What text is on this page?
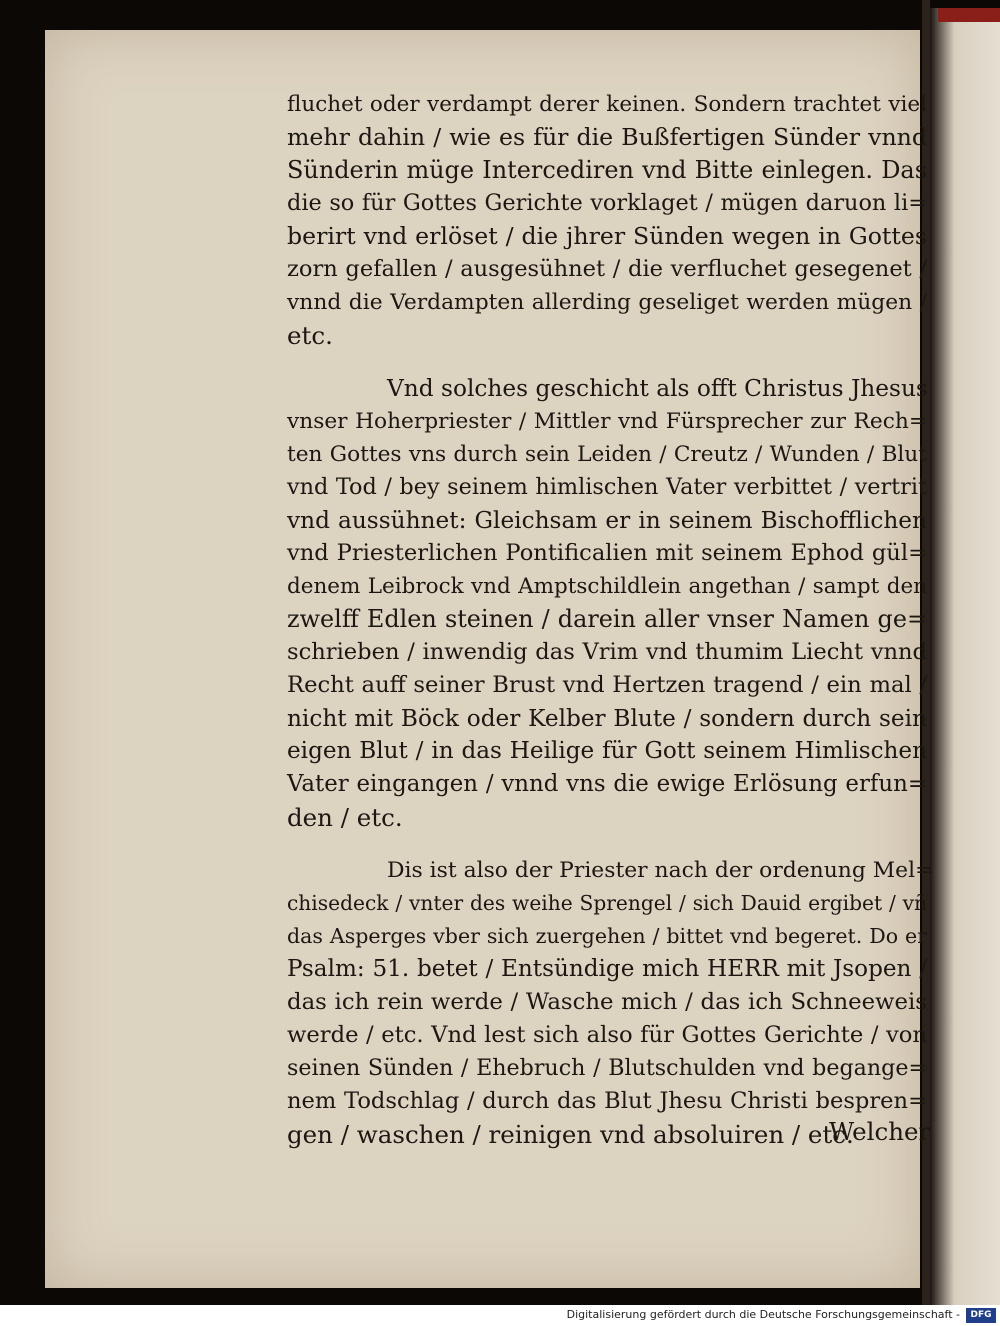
fluchet oder verdampt derer keinen. Sondern trachtet viel
mehr dahin / wie es für die Bußfertigen Sünder vnnd
Sünderin müge Intercediren vnd Bitte einlegen. Das
die so für Gottes Gerichte vorklaget / mügen daruon li=
berirt vnd erlöset / die jhrer Sünden wegen in Gottes
zorn gefallen / ausgesühnet / die verfluchet gesegenet /
vnnd die Verdampten allerding geseliget werden mügen /
etc.
Vnd solches geschicht als offt Christus Jhesus
vnser Hoherpriester / Mittler vnd Fürsprecher zur Rech=
ten Gottes vns durch sein Leiden / Creutz / Wunden / Blut
vnd Tod / bey seinem himlischen Vater verbittet / vertrit
vnd aussühnet: Gleichsam er in seinem Bischofflichen
vnd Priesterlichen Pontificalien mit seinem Ephod gül=
denem Leibrock vnd Amptschildlein angethan / sampt den
zwelff Edlen steinen / darein aller vnser Namen ge=
schrieben / inwendig das Vrim vnd thumim Liecht vnnd
Recht auff seiner Brust vnd Hertzen tragend / ein mal /
nicht mit Böck oder Kelber Blute / sondern durch sein
eigen Blut / in das Heilige für Gott seinem Himlischen
Vater eingangen / vnnd vns die ewige Erlösung erfun=
den / etc.
Dis ist also der Priester nach der ordenung Mel=
chisedeck / vnter des weihe Sprengel / sich Dauid ergibet / vñ
das Asperges vber sich zuergehen / bittet vnd begeret. Do er
Psalm: 51. betet / Entsündige mich HERR mit Jsopen /
das ich rein werde / Wasche mich / das ich Schneeweis
werde / etc. Vnd lest sich also für Gottes Gerichte / von
seinen Sünden / Ehebruch / Blutschulden vnd begange=
nem Todschlag / durch das Blut Jhesu Christi bespren=
gen / waschen / reinigen vnd absoluiren / etc.
Welcher
Digitalisierung gefördert durch die Deutsche Forschungsgemeinschaft -	DFG
